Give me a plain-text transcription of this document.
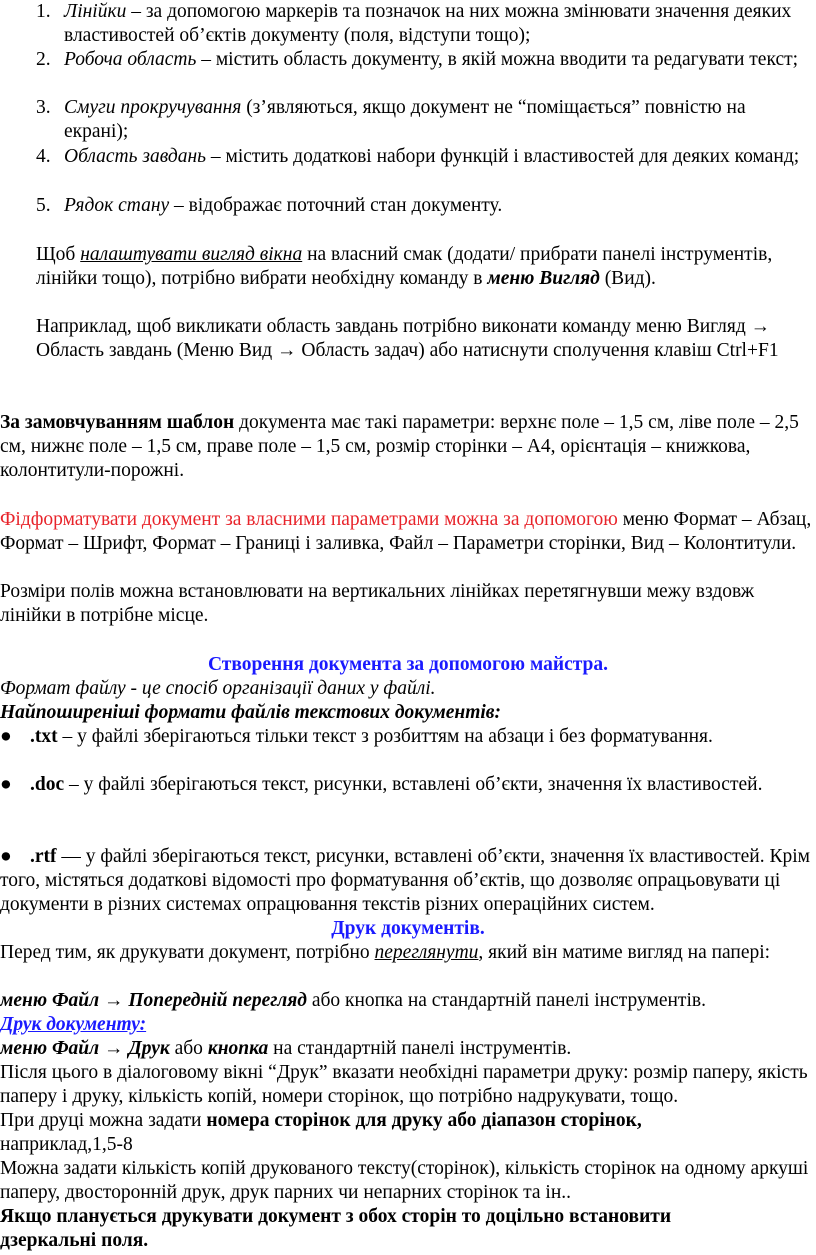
1. Лінійки – за допомогою маркерів та позначок на них можна змінювати значення деяких властивостей об’єктів документу (поля, відступи тощо);
2. Робоча область – містить область документу, в якій можна вводити та редагувати текст;
3. Смуги прокручування (з’являються, якщо документ не “поміщається” повністю на екрані);
4. Область завдань – містить додаткові набори функцій і властивостей для деяких команд;
5. Рядок стану – відображає поточний стан документу.
Щоб налаштувати вигляд вікна на власний смак (додати/ прибрати панелі інструментів, лінійки тощо), потрібно вибрати необхідну команду в меню Вигляд (Вид).
Наприклад, щоб викликати область завдань потрібно виконати команду меню Вигляд → Область завдань (Меню Вид → Область задач) або натиснути сполучення клавіш Ctrl+F1
За замовчуванням шаблон документа має такі параметри: верхнє поле – 1,5 см, ліве поле – 2,5 см, нижнє поле – 1,5 см, праве поле – 1,5 см, розмір сторінки – А4, орієнтація – книжкова, колонтитули-порожні.
Фідформатувати документ за власними параметрами можна за допомогою меню Формат – Абзац, Формат – Шрифт, Формат – Границі і заливка, Файл – Параметри сторінки, Вид – Колонтитули.
Розміри полів можна встановлювати на вертикальних лінійках перетягнувши межу вздовж лінійки в потрібне місце.
Створення документа за допомогою майстра.
Формат файлу - це спосіб організації даних у файлі.
Найпоширеніші формати файлів текстових документів:
● .txt – у файлі зберігаються тільки текст з розбиттям на абзаци і без форматування.
● .doc – у файлі зберігаються текст, рисунки, вставлені об’єкти, значення їх властивостей.
● .rtf –– у файлі зберігаються текст, рисунки, вставлені об’єкти, значення їх властивостей. Крім того, містяться додаткові відомості про форматування об’єктів, що дозволяє опрацьовувати ці документи в різних системах опрацювання текстів різних операційних систем.
Друк документів.
Перед тим, як друкувати документ, потрібно переглянути, який він матиме вигляд на папері:
меню Файл → Попередній перегляд або кнопка на стандартній панелі інструментів.
Друк документу:
меню Файл → Друк або кнопка на стандартній панелі інструментів.
Після цього в діалоговому вікні “Друк” вказати необхідні параметри друку: розмір паперу, якість паперу і друку, кількість копій, номери сторінок, що потрібно надрукувати, тощо.
При друці можна задати номера сторінок для друку або діапазон сторінок, наприклад,1,5-8
Можна задати кількість копій друкованого тексту(сторінок), кількість сторінок на одному аркуші паперу, двосторонній друк, друк парних чи непарних сторінок та ін..
Якщо планується друкувати документ з обох сторін то доцільно встановити дзеркальні поля.
